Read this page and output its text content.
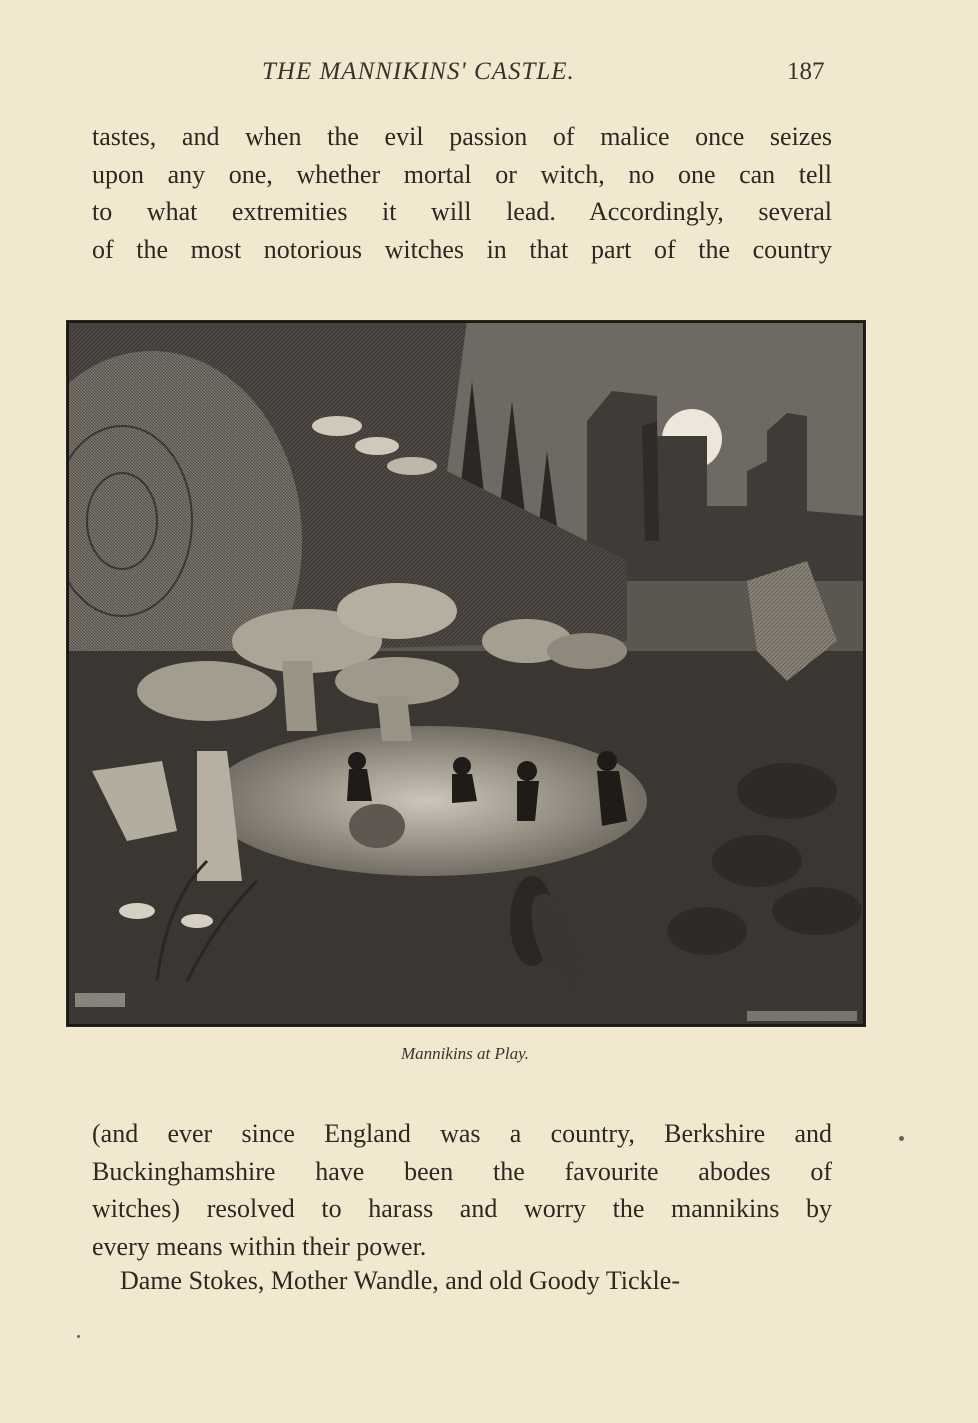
THE MANNIKINS' CASTLE.	187
tastes, and when the evil passion of malice once seizes
upon any one, whether mortal or witch, no one can tell
to what extremities it will lead. Accordingly, several
of the most notorious witches in that part of the country
Mannikins at Play.
(and ever since England was a country, Berkshire and
Buckinghamshire have been the favourite abodes of
witches) resolved to harass and worry the mannikins by
every means within their power.
Dame Stokes, Mother Wandle, and old Goody Tickle-
